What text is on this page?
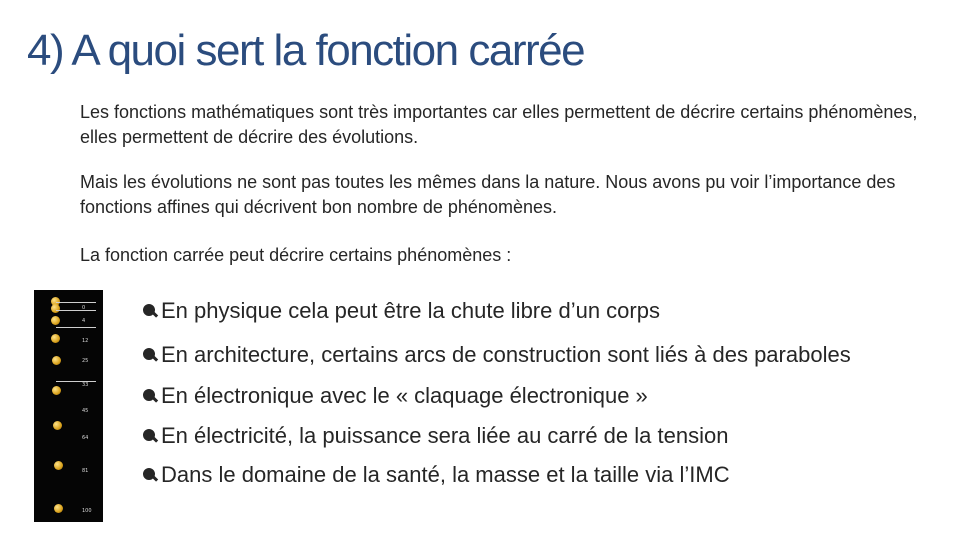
4) A quoi sert la fonction carrée

Les fonctions mathématiques sont très importantes car elles permettent de décrire certains phénomènes, elles permettent de décrire des évolutions.

Mais les évolutions ne sont pas toutes les mêmes dans la nature. Nous avons pu voir l’importance des fonctions affines qui décrivent bon nombre de phénomènes.

La fonction carrée peut décrire certains phénomènes :

0
4
12
25
33
45
64
81
100
En physique cela peut être la chute libre d’un corps
En architecture, certains arcs de construction sont liés à des paraboles
En électronique avec le « claquage électronique »
En électricité, la puissance sera liée au carré de la tension
Dans le domaine de la santé, la masse et la taille via l’IMC
